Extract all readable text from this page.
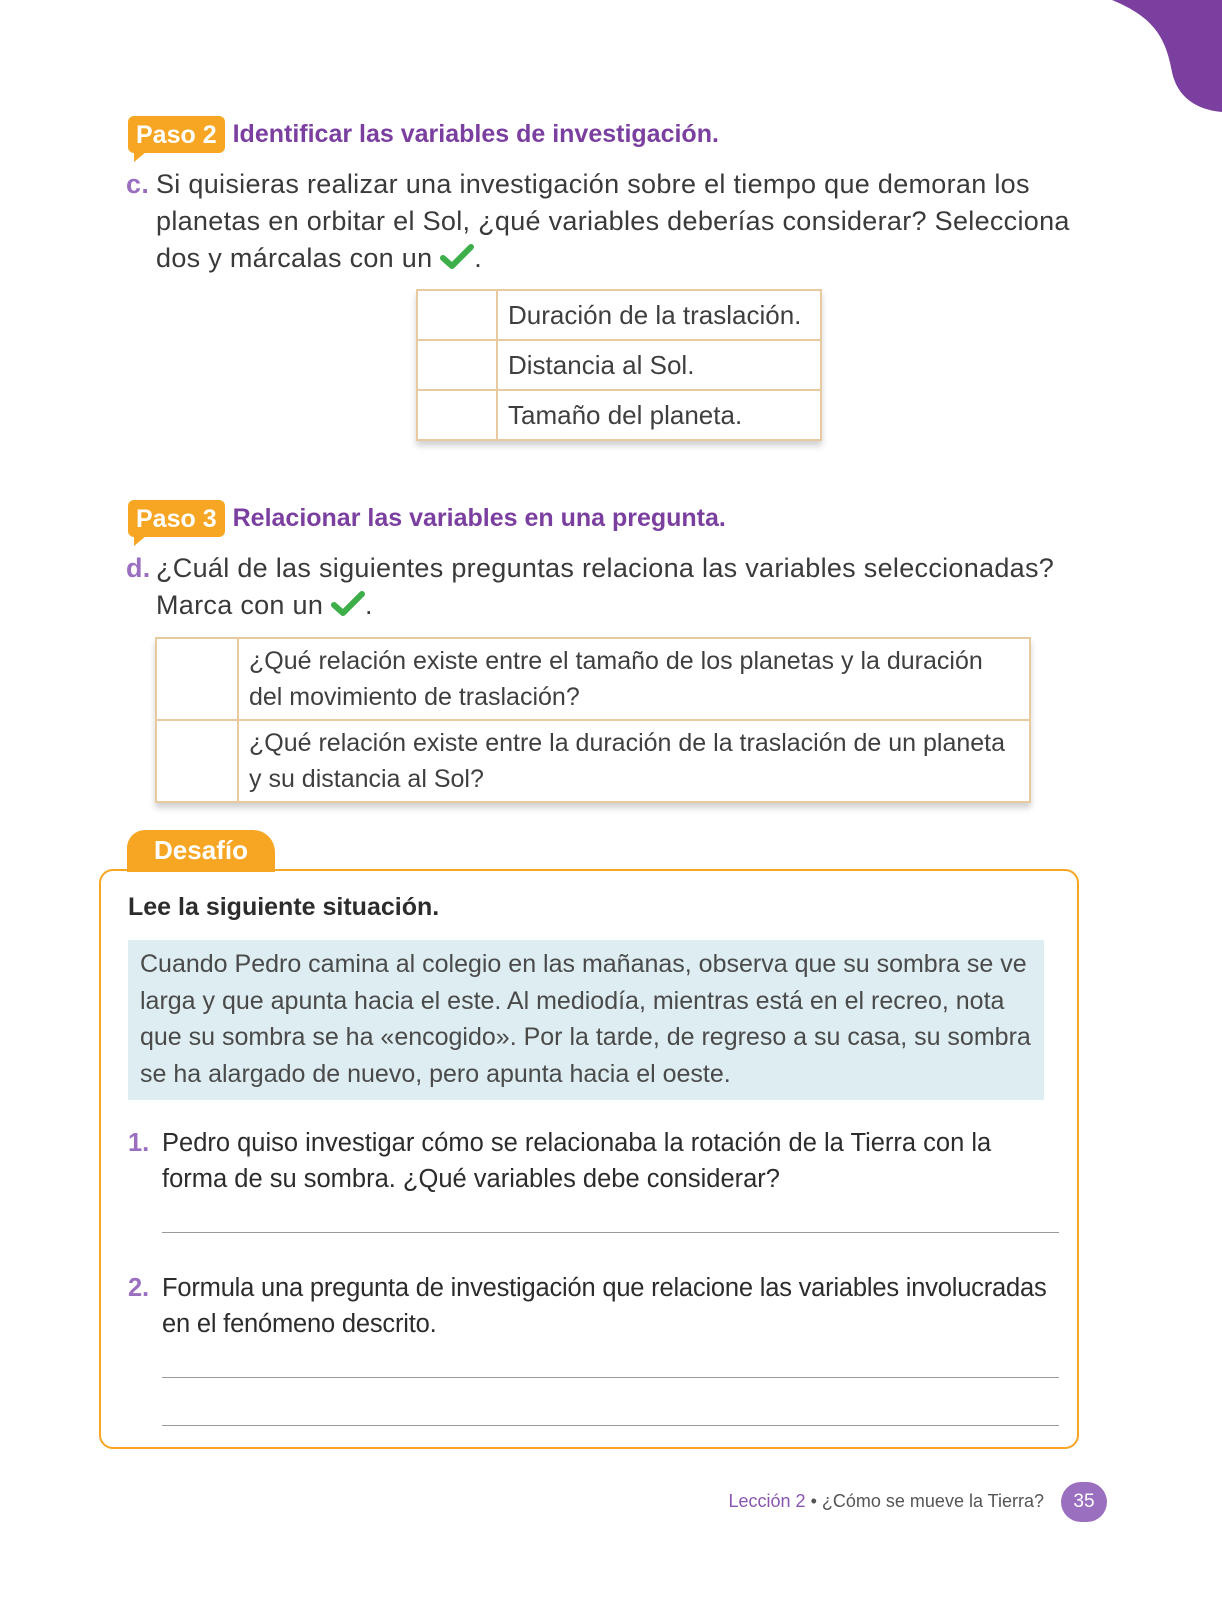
Paso 2 Identificar las variables de investigación.
c. Si quisieras realizar una investigación sobre el tiempo que demoran los
planetas en orbitar el Sol, ¿qué variables deberías considerar? Selecciona
dos y márcalas con un .
	Duración de la traslación.
	Distancia al Sol.
	Tamaño del planeta.
Paso 3 Relacionar las variables en una pregunta.
d. ¿Cuál de las siguientes preguntas relaciona las variables seleccionadas?
Marca con un .

	¿Qué relación existe entre el tamaño de los planetas y la duración
del movimiento de traslación?

	¿Qué relación existe entre la duración de la traslación de un planeta
y su distancia al Sol?
Desafío
Lee la siguiente situación.
Cuando Pedro camina al colegio en las mañanas, observa que su sombra se ve
larga y que apunta hacia el este. Al mediodía, mientras está en el recreo, nota
que su sombra se ha «encogido». Por la tarde, de regreso a su casa, su sombra
se ha alargado de nuevo, pero apunta hacia el oeste.
1. Pedro quiso investigar cómo se relacionaba la rotación de la Tierra con la
forma de su sombra. ¿Qué variables debe considerar?
2. Formula una pregunta de investigación que relacione las variables involucradas
en el fenómeno descrito.
Lección 2 • ¿Cómo se mueve la Tierra?	35
